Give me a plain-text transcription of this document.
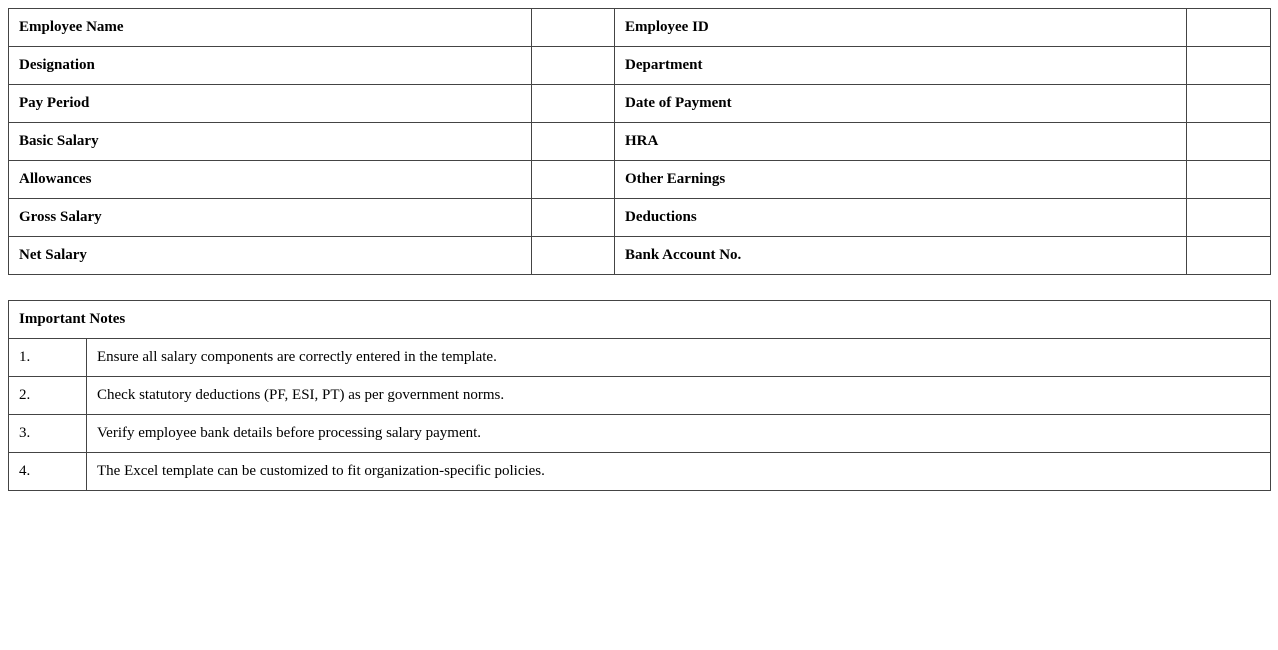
Employee Name		Employee ID	
Designation		Department	
Pay Period		Date of Payment	
Basic Salary		HRA	
Allowances		Other Earnings	
Gross Salary		Deductions	
Net Salary		Bank Account No.	
Important Notes	
1.	Ensure all salary components are correctly entered in the template.
2.	Check statutory deductions (PF, ESI, PT) as per government norms.
3.	Verify employee bank details before processing salary payment.
4.	The Excel template can be customized to fit organization-specific policies.
